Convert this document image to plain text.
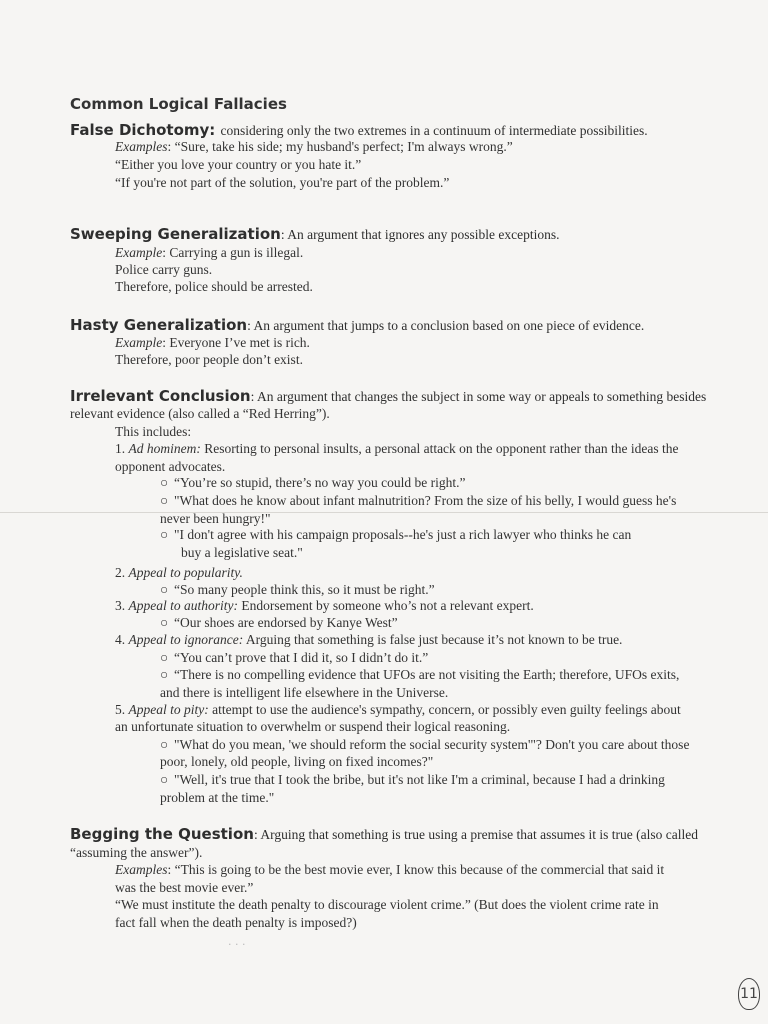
Common Logical Fallacies
False Dichotomy: considering only the two extremes in a continuum of intermediate possibilities.
Examples: “Sure, take his side; my husband's perfect; I'm always wrong.”
“Either you love your country or you hate it.”
“If you're not part of the solution, you're part of the problem.”
Sweeping Generalization: An argument that ignores any possible exceptions.
Example: Carrying a gun is illegal.
Police carry guns.
Therefore, police should be arrested.
Hasty Generalization: An argument that jumps to a conclusion based on one piece of evidence.
Example: Everyone I’ve met is rich.
Therefore, poor people don’t exist.
Irrelevant Conclusion: An argument that changes the subject in some way or appeals to something besides
relevant evidence (also called a “Red Herring”).
This includes:
1. Ad hominem: Resorting to personal insults, a personal attack on the opponent rather than the ideas the
opponent advocates.
○ “You’re so stupid, there’s no way you could be right.”
○ "What does he know about infant malnutrition? From the size of his belly, I would guess he's
never been hungry!"
○ "I don't agree with his campaign proposals--he's just a rich lawyer who thinks he can
buy a legislative seat."
2. Appeal to popularity.
○ “So many people think this, so it must be right.”
3. Appeal to authority: Endorsement by someone who’s not a relevant expert.
○ “Our shoes are endorsed by Kanye West”
4. Appeal to ignorance: Arguing that something is false just because it’s not known to be true.
○ “You can’t prove that I did it, so I didn’t do it.”
○ “There is no compelling evidence that UFOs are not visiting the Earth; therefore, UFOs exits,
and there is intelligent life elsewhere in the Universe.
5. Appeal to pity: attempt to use the audience's sympathy, concern, or possibly even guilty feelings about
an unfortunate situation to overwhelm or suspend their logical reasoning.
○ "What do you mean, 'we should reform the social security system'"? Don't you care about those
poor, lonely, old people, living on fixed incomes?"
○ "Well, it's true that I took the bribe, but it's not like I'm a criminal, because I had a drinking
problem at the time."
Begging the Question: Arguing that something is true using a premise that assumes it is true (also called
“assuming the answer”).
Examples: “This is going to be the best movie ever, I know this because of the commercial that said it
was the best movie ever.”
“We must institute the death penalty to discourage violent crime.” (But does the violent crime rate in
fact fall when the death penalty is imposed?)
· · ·
11
